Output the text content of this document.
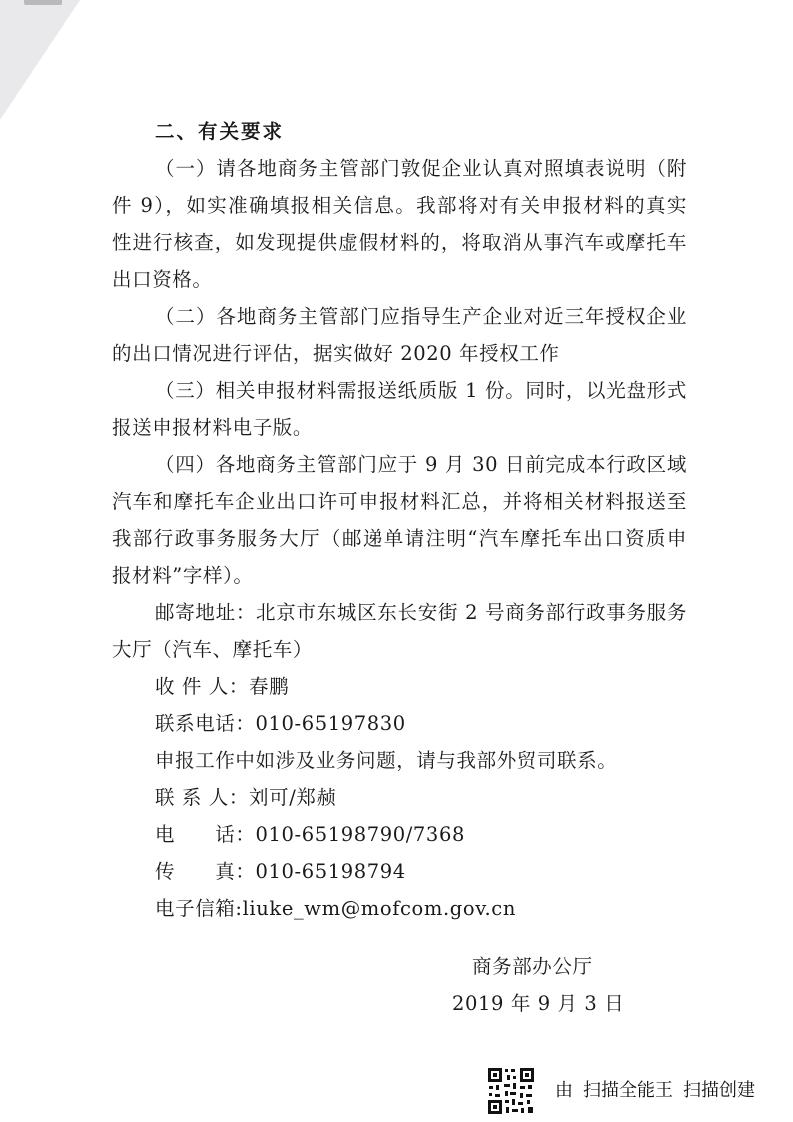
二、有关要求
（一）请各地商务主管部门敦促企业认真对照填表说明（附
件 9），如实准确填报相关信息。我部将对有关申报材料的真实
性进行核查，如发现提供虚假材料的，将取消从事汽车或摩托车
出口资格。
（二）各地商务主管部门应指导生产企业对近三年授权企业
的出口情况进行评估，据实做好 2020 年授权工作
（三）相关申报材料需报送纸质版 1 份。同时，以光盘形式
报送申报材料电子版。
（四）各地商务主管部门应于 9 月 30 日前完成本行政区域
汽车和摩托车企业出口许可申报材料汇总，并将相关材料报送至
我部行政事务服务大厅（邮递单请注明“汽车摩托车出口资质申
报材料”字样）。
邮寄地址：北京市东城区东长安街 2 号商务部行政事务服务
大厅（汽车、摩托车）
收 件 人：春鹏
联系电话：010-65197830
申报工作中如涉及业务问题，请与我部外贸司联系。
联 系 人：刘可/郑赪
电　　话：010-65198790/7368
传　　真：010-65198794
电子信箱:liuke_wm@mofcom.gov.cn
商务部办公厅
2019 年 9 月 3 日
由 扫描全能王 扫描创建
